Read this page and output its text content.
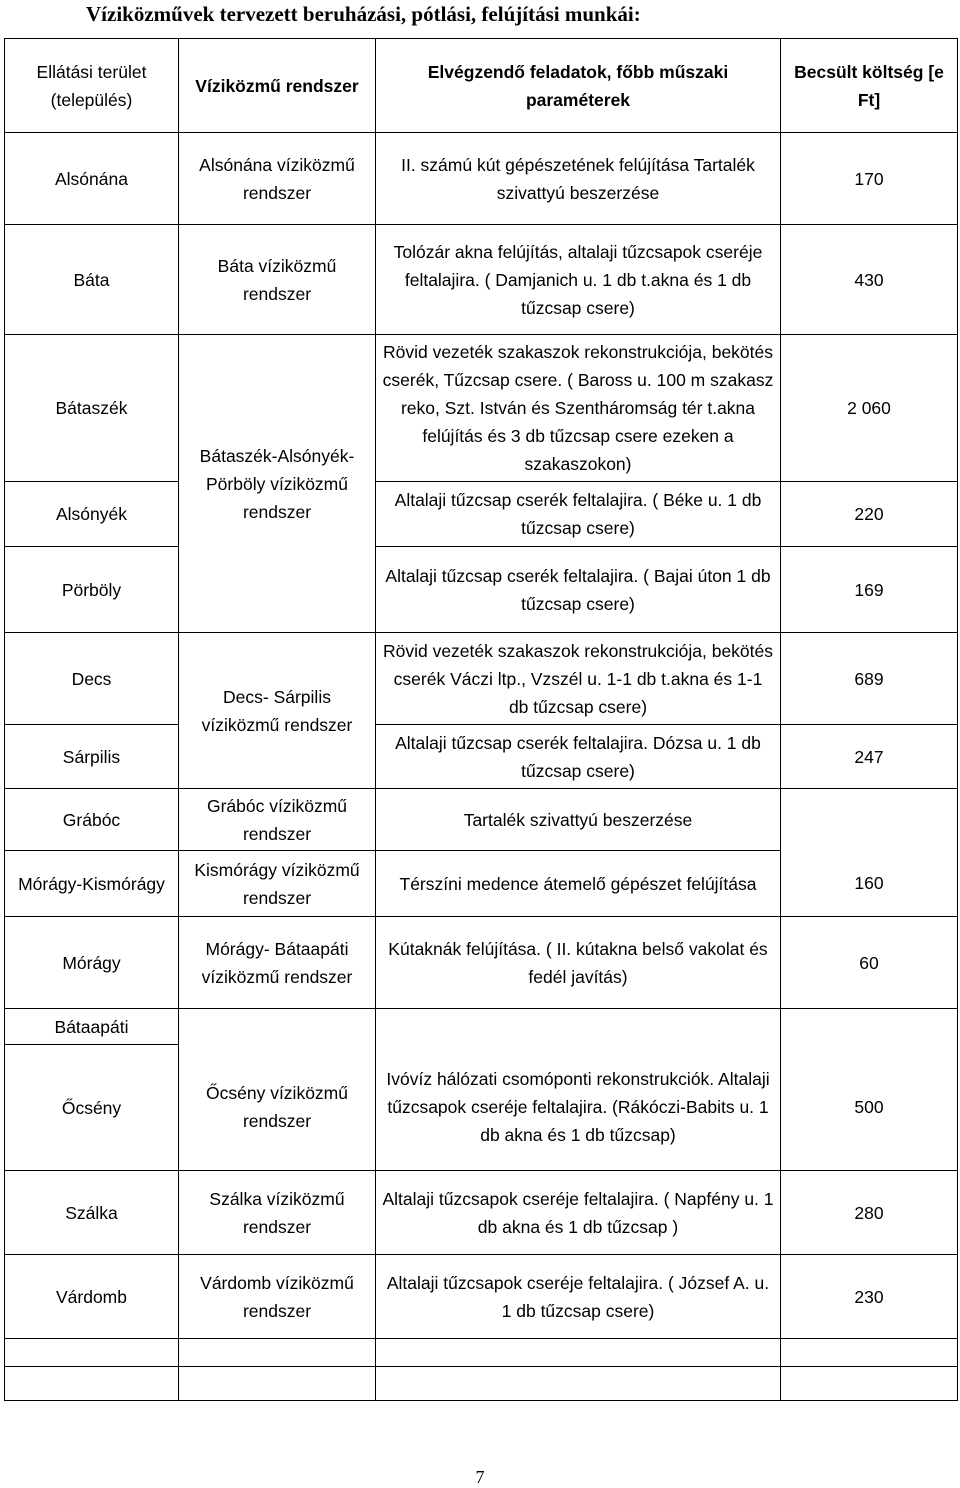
Víziközművek tervezett beruházási, pótlási, felújítási munkái:
Ellátási terület (település)	Víziközmű rendszer	Elvégzendő feladatok, főbb műszaki paraméterek	Becsült költség [e Ft]
Alsónána	Alsónána víziközmű rendszer	II. számú kút gépészetének felújítása Tartalék szivattyú beszerzése	170
Báta	Báta víziközmű rendszer	Tolózár akna felújítás, altalaji tűzcsapok cseréje feltalajira. ( Damjanich u. 1 db t.akna és 1 db tűzcsap csere)	430
Bátaszék	Bátaszék-Alsónyék-Pörböly víziközmű rendszer	Rövid vezeték szakaszok rekonstrukciója, bekötés cserék, Tűzcsap csere. ( Baross u. 100 m szakasz reko, Szt. István és Szentháromság tér t.akna felújítás és 3 db tűzcsap csere ezeken a szakaszokon)	2 060
Alsónyék		Altalaji tűzcsap cserék feltalajira. ( Béke u. 1 db tűzcsap csere)	220
Pörböly		Altalaji tűzcsap cserék feltalajira. ( Bajai úton 1 db tűzcsap csere)	169
Decs	Decs- Sárpilis víziközmű rendszer	Rövid vezeték szakaszok rekonstrukciója, bekötés cserék Váczi ltp., Vzszél u. 1-1 db t.akna és 1-1 db tűzcsap csere)	689
Sárpilis		Altalaji tűzcsap cserék feltalajira. Dózsa u. 1 db tűzcsap csere)	247
Grábóc	Grábóc víziközmű rendszer	Tartalék szivattyú beszerzése	
Mórágy-Kismórágy	Kismórágy víziközmű rendszer	Térszíni medence átemelő gépészet felújítása	160
Mórágy	Mórágy- Bátaapáti víziközmű rendszer	Kútaknák felújítása. ( II. kútakna belső vakolat és fedél javítás)	60
Bátaapáti			
Őcsény	Őcsény víziközmű rendszer	Ivóvíz hálózati csomóponti rekonstrukciók. Altalaji tűzcsapok cseréje feltalajira. (Rákóczi-Babits u. 1 db akna és 1 db tűzcsap)	500
Szálka	Szálka víziközmű rendszer	Altalaji tűzcsapok cseréje feltalajira. ( Napfény u. 1 db akna és 1 db tűzcsap )	280
Várdomb	Várdomb víziközmű rendszer	Altalaji tűzcsapok cseréje feltalajira. ( József A. u. 1 db tűzcsap csere)	230

7
